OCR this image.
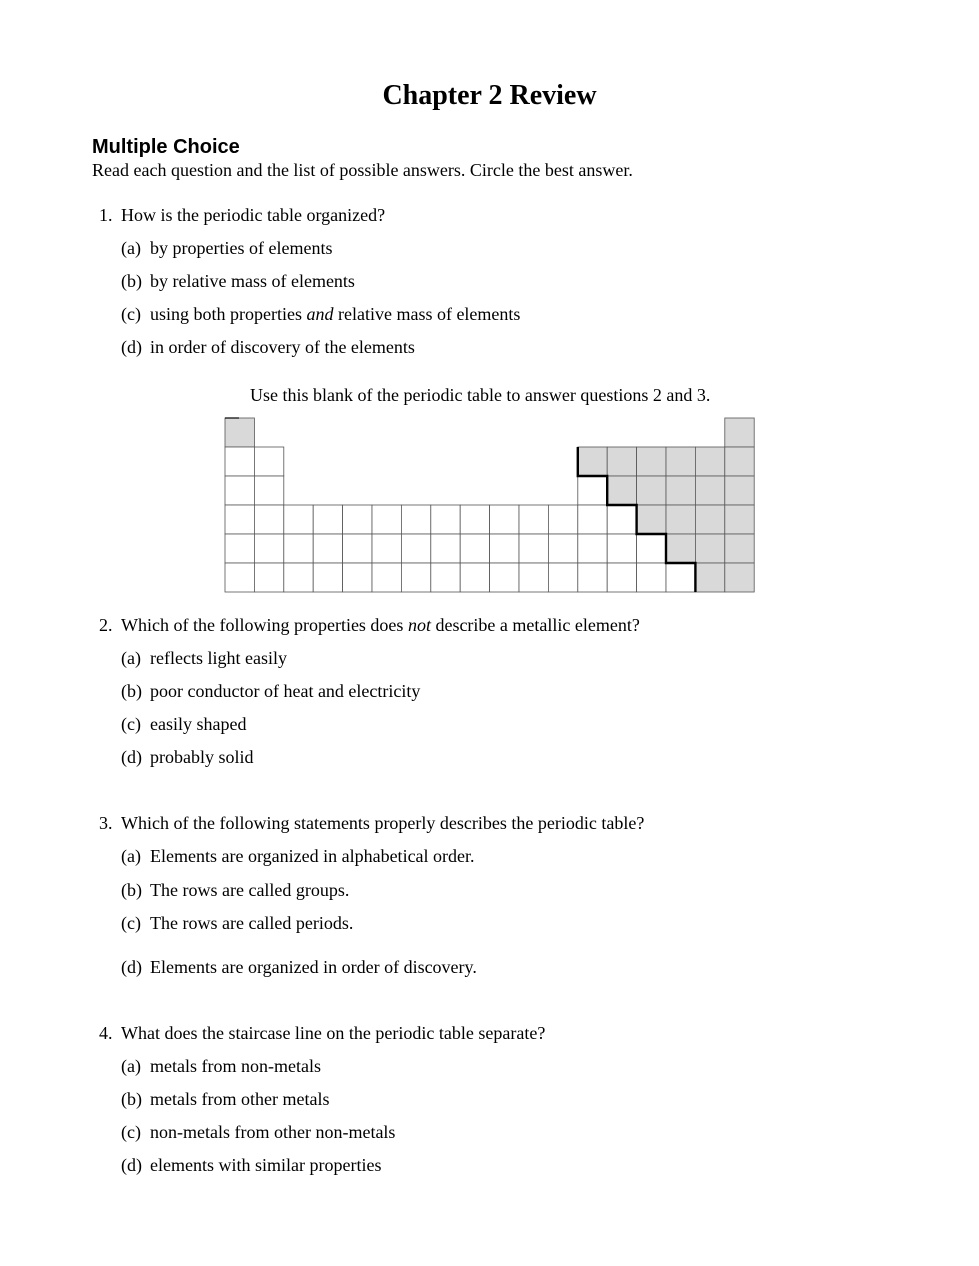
Chapter 2 Review
Multiple Choice
Read each question and the list of possible answers. Circle the best answer.
1. How is the periodic table organized?
(a) by properties of elements
(b) by relative mass of elements
(c) using both properties and relative mass of elements
(d) in order of discovery of the elements
Use this blank of the periodic table to answer questions 2 and 3.
2. Which of the following properties does not describe a metallic element?
(a) reflects light easily
(b) poor conductor of heat and electricity
(c) easily shaped
(d) probably solid
3. Which of the following statements properly describes the periodic table?
(a) Elements are organized in alphabetical order.
(b) The rows are called groups.
(c) The rows are called periods.
(d) Elements are organized in order of discovery.
4. What does the staircase line on the periodic table separate?
(a) metals from non-metals
(b) metals from other metals
(c) non-metals from other non-metals
(d) elements with similar properties
